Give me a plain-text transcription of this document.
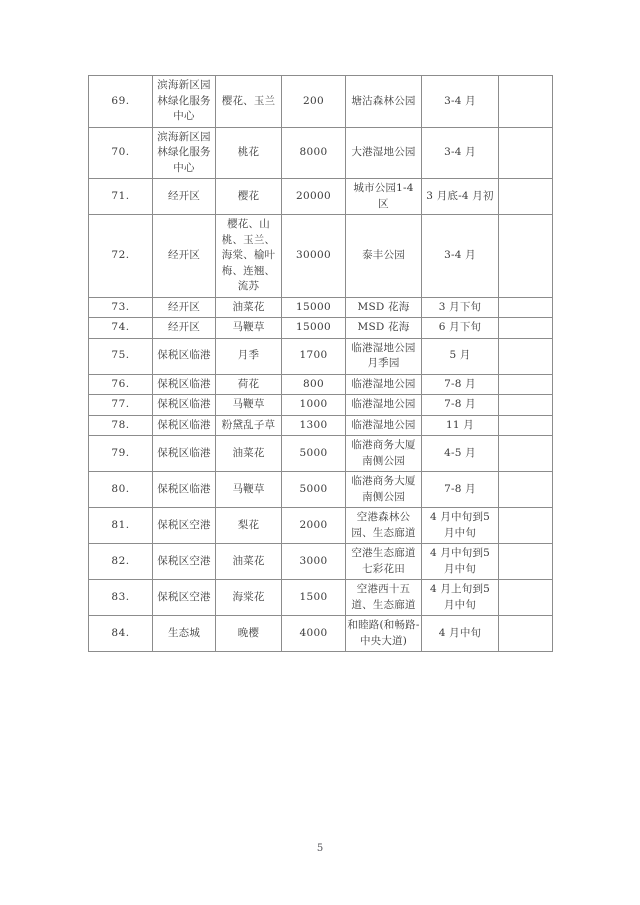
69.	滨海新区园林绿化服务中心	樱花、玉兰	200	塘沽森林公园	3-4 月	
70.	滨海新区园林绿化服务中心	桃花	8000	大港湿地公园	3-4 月	
71.	经开区	樱花	20000	城市公园1-4 区	3 月底-4 月初	
72.	经开区	樱花、山桃、玉兰、海棠、榆叶梅、连翘、流苏	30000	泰丰公园	3-4 月	
73.	经开区	油菜花	15000	MSD 花海	3 月下旬	
74.	经开区	马鞭草	15000	MSD 花海	6 月下旬	
75.	保税区临港	月季	1700	临港湿地公园月季园	5 月	
76.	保税区临港	荷花	800	临港湿地公园	7-8 月	
77.	保税区临港	马鞭草	1000	临港湿地公园	7-8 月	
78.	保税区临港	粉黛乱子草	1300	临港湿地公园	11 月	
79.	保税区临港	油菜花	5000	临港商务大厦南侧公园	4-5 月	
80.	保税区临港	马鞭草	5000	临港商务大厦南侧公园	7-8 月	
81.	保税区空港	梨花	2000	空港森林公园、生态廊道	4 月中旬到5 月中旬	
82.	保税区空港	油菜花	3000	空港生态廊道七彩花田	4 月中旬到5 月中旬	
83.	保税区空港	海棠花	1500	空港西十五道、生态廊道	4 月上旬到5 月中旬	
84.	生态城	晚樱	4000	和睦路(和畅路-中央大道)	4 月中旬	
5
